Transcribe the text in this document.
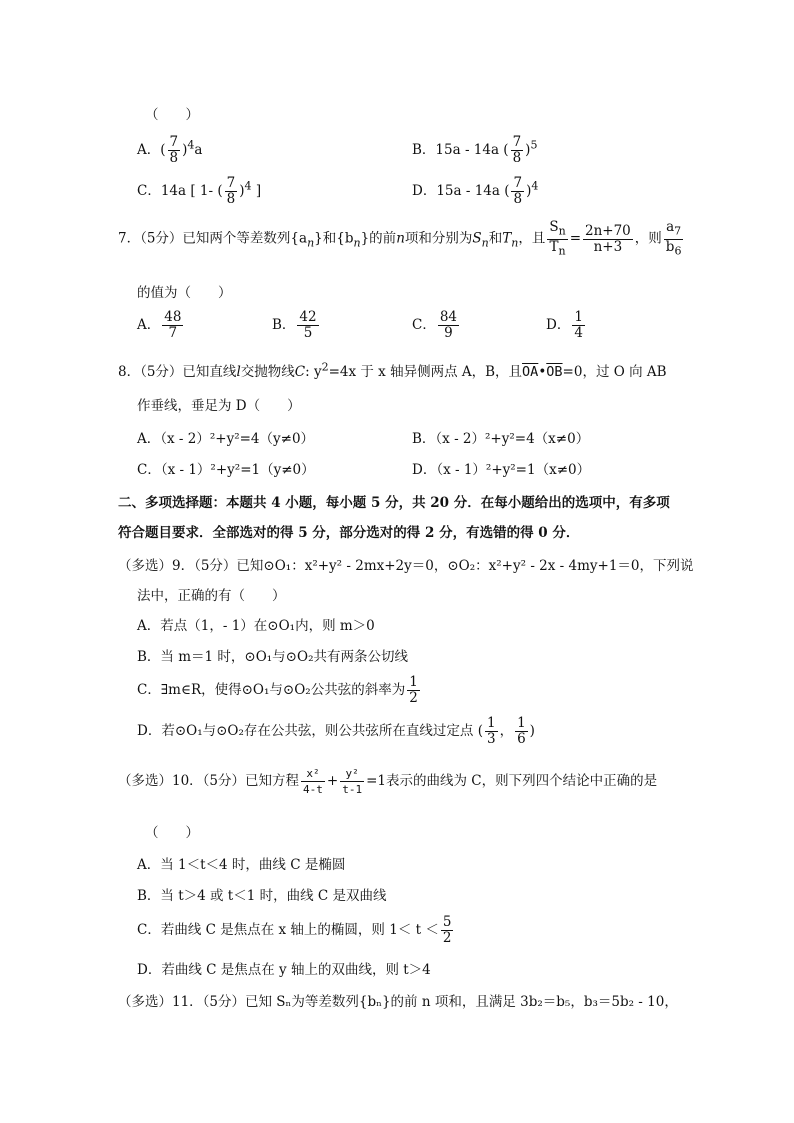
（　　）
A．( $\frac{7}{8} )^4a$	B．15a - 14a ( $\frac{7}{8} )^5$
C．14a [ 1- ( $\frac{7}{8} )^4$ ]	D．15a - 14a ( $\frac{7}{8} )^4$
7．（5分）已知两个等差数列$\{a_n\}$和$\{b_n\}$的前n项和分别为$S_n$和$T_n$，且 $\frac{S_n}{T_n} = \frac{2n+70}{n+3}$ ，则 $\frac{a_7}{b_6}$
的值为（　　）
A． $\frac{48}{7}$	B． $\frac{42}{5}$	C． $\frac{84}{9}$	D． $\frac{1}{4}$
8．（5分）已知直线l交抛物线C: $y^2=4x$ 于 x 轴异侧两点 A，B，且$\overline{OA}•\overline{OB}=0$，过 O 向 AB
作垂线，垂足为 D（　　）
A．（x - 2）²+y²=4（y≠0）	B．（x - 2）²+y²=4（x≠0）
C．（x - 1）²+y²=1（y≠0）	D．（x - 1）²+y²=1（x≠0）
二、多项选择题：本题共 4 小题，每小题 5 分，共 20 分．在每小题给出的选项中，有多项
符合题目要求．全部选对的得 5 分，部分选对的得 2 分，有选错的得 0 分．
（多选）9．（5分）已知⊙O₁：x²+y² - 2mx+2y＝0，⊙O₂：x²+y² - 2x - 4my+1＝0，下列说
法中，正确的有（　　）
A．若点（1，- 1）在⊙O₁内，则 m＞0
B．当 m＝1 时，⊙O₁与⊙O₂共有两条公切线
C．∃m∈R，使得⊙O₁与⊙O₂公共弦的斜率为 $\frac{1}{2}$
D．若⊙O₁与⊙O₂存在公共弦，则公共弦所在直线过定点 ( $\frac{1}{3}$ ， $\frac{1}{6}$ )
（多选）10．（5分）已知方程 $\frac{\text{x²}}{4-t} + \frac{\text{y²}}{t-1} =1$表示的曲线为 C，则下列四个结论中正确的是
（　　）
A．当 1＜t＜4 时，曲线 C 是椭圆
B．当 t＞4 或 t＜1 时，曲线 C 是双曲线
C．若曲线 C 是焦点在 x 轴上的椭圆，则 $1< t < \frac{5}{2}$
D．若曲线 C 是焦点在 y 轴上的双曲线，则 t＞4
（多选）11．（5分）已知 Sₙ为等差数列{bₙ}的前 n 项和，且满足 3b₂＝b₅，b₃＝5b₂ - 10，
